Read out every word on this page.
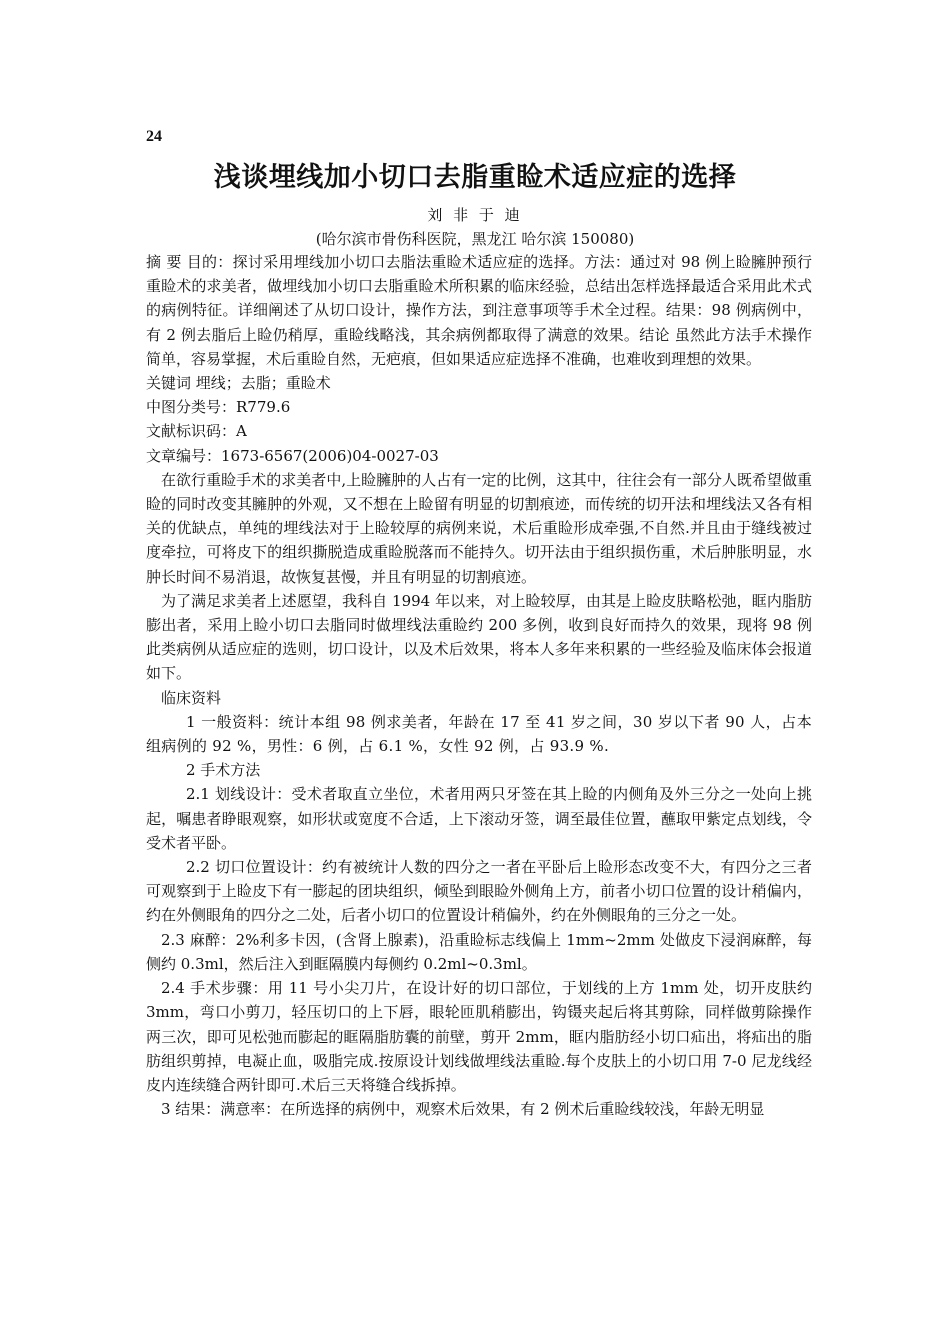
24
浅谈埋线加小切口去脂重睑术适应症的选择
刘 非 于 迪
(哈尔滨市骨伤科医院，黑龙江 哈尔滨 150080)

摘 要 目的：探讨采用埋线加小切口去脂法重睑术适应症的选择。方法：通过对 98 例上睑臃肿预行重睑术的求美者，做埋线加小切口去脂重睑术所积累的临床经验，总结出怎样选择最适合采用此术式的病例特征。详细阐述了从切口设计，操作方法，到注意事项等手术全过程。结果：98 例病例中，有 2 例去脂后上睑仍稍厚，重睑线略浅，其余病例都取得了满意的效果。结论 虽然此方法手术操作简单，容易掌握，术后重睑自然，无疤痕，但如果适应症选择不准确，也难收到理想的效果。

关键词 埋线；去脂；重睑术

中图分类号：R779.6

文献标识码：A

文章编号：1673-6567(2006)04-0027-03

在欲行重睑手术的求美者中,上睑臃肿的人占有一定的比例，这其中，往往会有一部分人既希望做重睑的同时改变其臃肿的外观，又不想在上睑留有明显的切割痕迹，而传统的切开法和埋线法又各有相关的优缺点，单纯的埋线法对于上睑较厚的病例来说，术后重睑形成牵强,不自然.并且由于缝线被过度牵拉，可将皮下的组织撕脱造成重睑脱落而不能持久。切开法由于组织损伤重，术后肿胀明显，水肿长时间不易消退，故恢复甚慢，并且有明显的切割痕迹。

为了满足求美者上述愿望，我科自 1994 年以来，对上睑较厚，由其是上睑皮肤略松弛，眶内脂肪膨出者，采用上睑小切口去脂同时做埋线法重睑约 200 多例，收到良好而持久的效果，现将 98 例此类病例从适应症的选则，切口设计，以及术后效果，将本人多年来积累的一些经验及临床体会报道如下。

临床资料

1 一般资料：统计本组 98 例求美者，年龄在 17 至 41 岁之间，30 岁以下者 90 人，占本组病例的 92 %，男性：6 例，占 6.1 %，女性 92 例，占 93.9 %.

2 手术方法

2.1 划线设计：受术者取直立坐位，术者用两只牙签在其上睑的内侧角及外三分之一处向上挑起，嘱患者睁眼观察，如形状或宽度不合适，上下滚动牙签，调至最佳位置，蘸取甲紫定点划线，令受术者平卧。

2.2 切口位置设计：约有被统计人数的四分之一者在平卧后上睑形态改变不大，有四分之三者可观察到于上睑皮下有一膨起的团块组织，倾坠到眼睑外侧角上方，前者小切口位置的设计稍偏内，约在外侧眼角的四分之二处，后者小切口的位置设计稍偏外，约在外侧眼角的三分之一处。

2.3 麻醉：2%利多卡因，(含肾上腺素)，沿重睑标志线偏上 1mm~2mm 处做皮下浸润麻醉，每侧约 0.3ml，然后注入到眶隔膜内每侧约 0.2ml~0.3ml。

2.4 手术步骤：用 11 号小尖刀片，在设计好的切口部位，于划线的上方 1mm 处，切开皮肤约 3mm，弯口小剪刀，轻压切口的上下唇，眼轮匝肌稍膨出，钩镊夹起后将其剪除，同样做剪除操作两三次，即可见松弛而膨起的眶隔脂肪囊的前壁，剪开 2mm，眶内脂肪经小切口疝出，将疝出的脂肪组织剪掉，电凝止血，吸脂完成.按原设计划线做埋线法重睑.每个皮肤上的小切口用 7-0 尼龙线经皮内连续缝合两针即可.术后三天将缝合线拆掉。

3 结果：满意率：在所选择的病例中，观察术后效果，有 2 例术后重睑线较浅，年龄无明显
